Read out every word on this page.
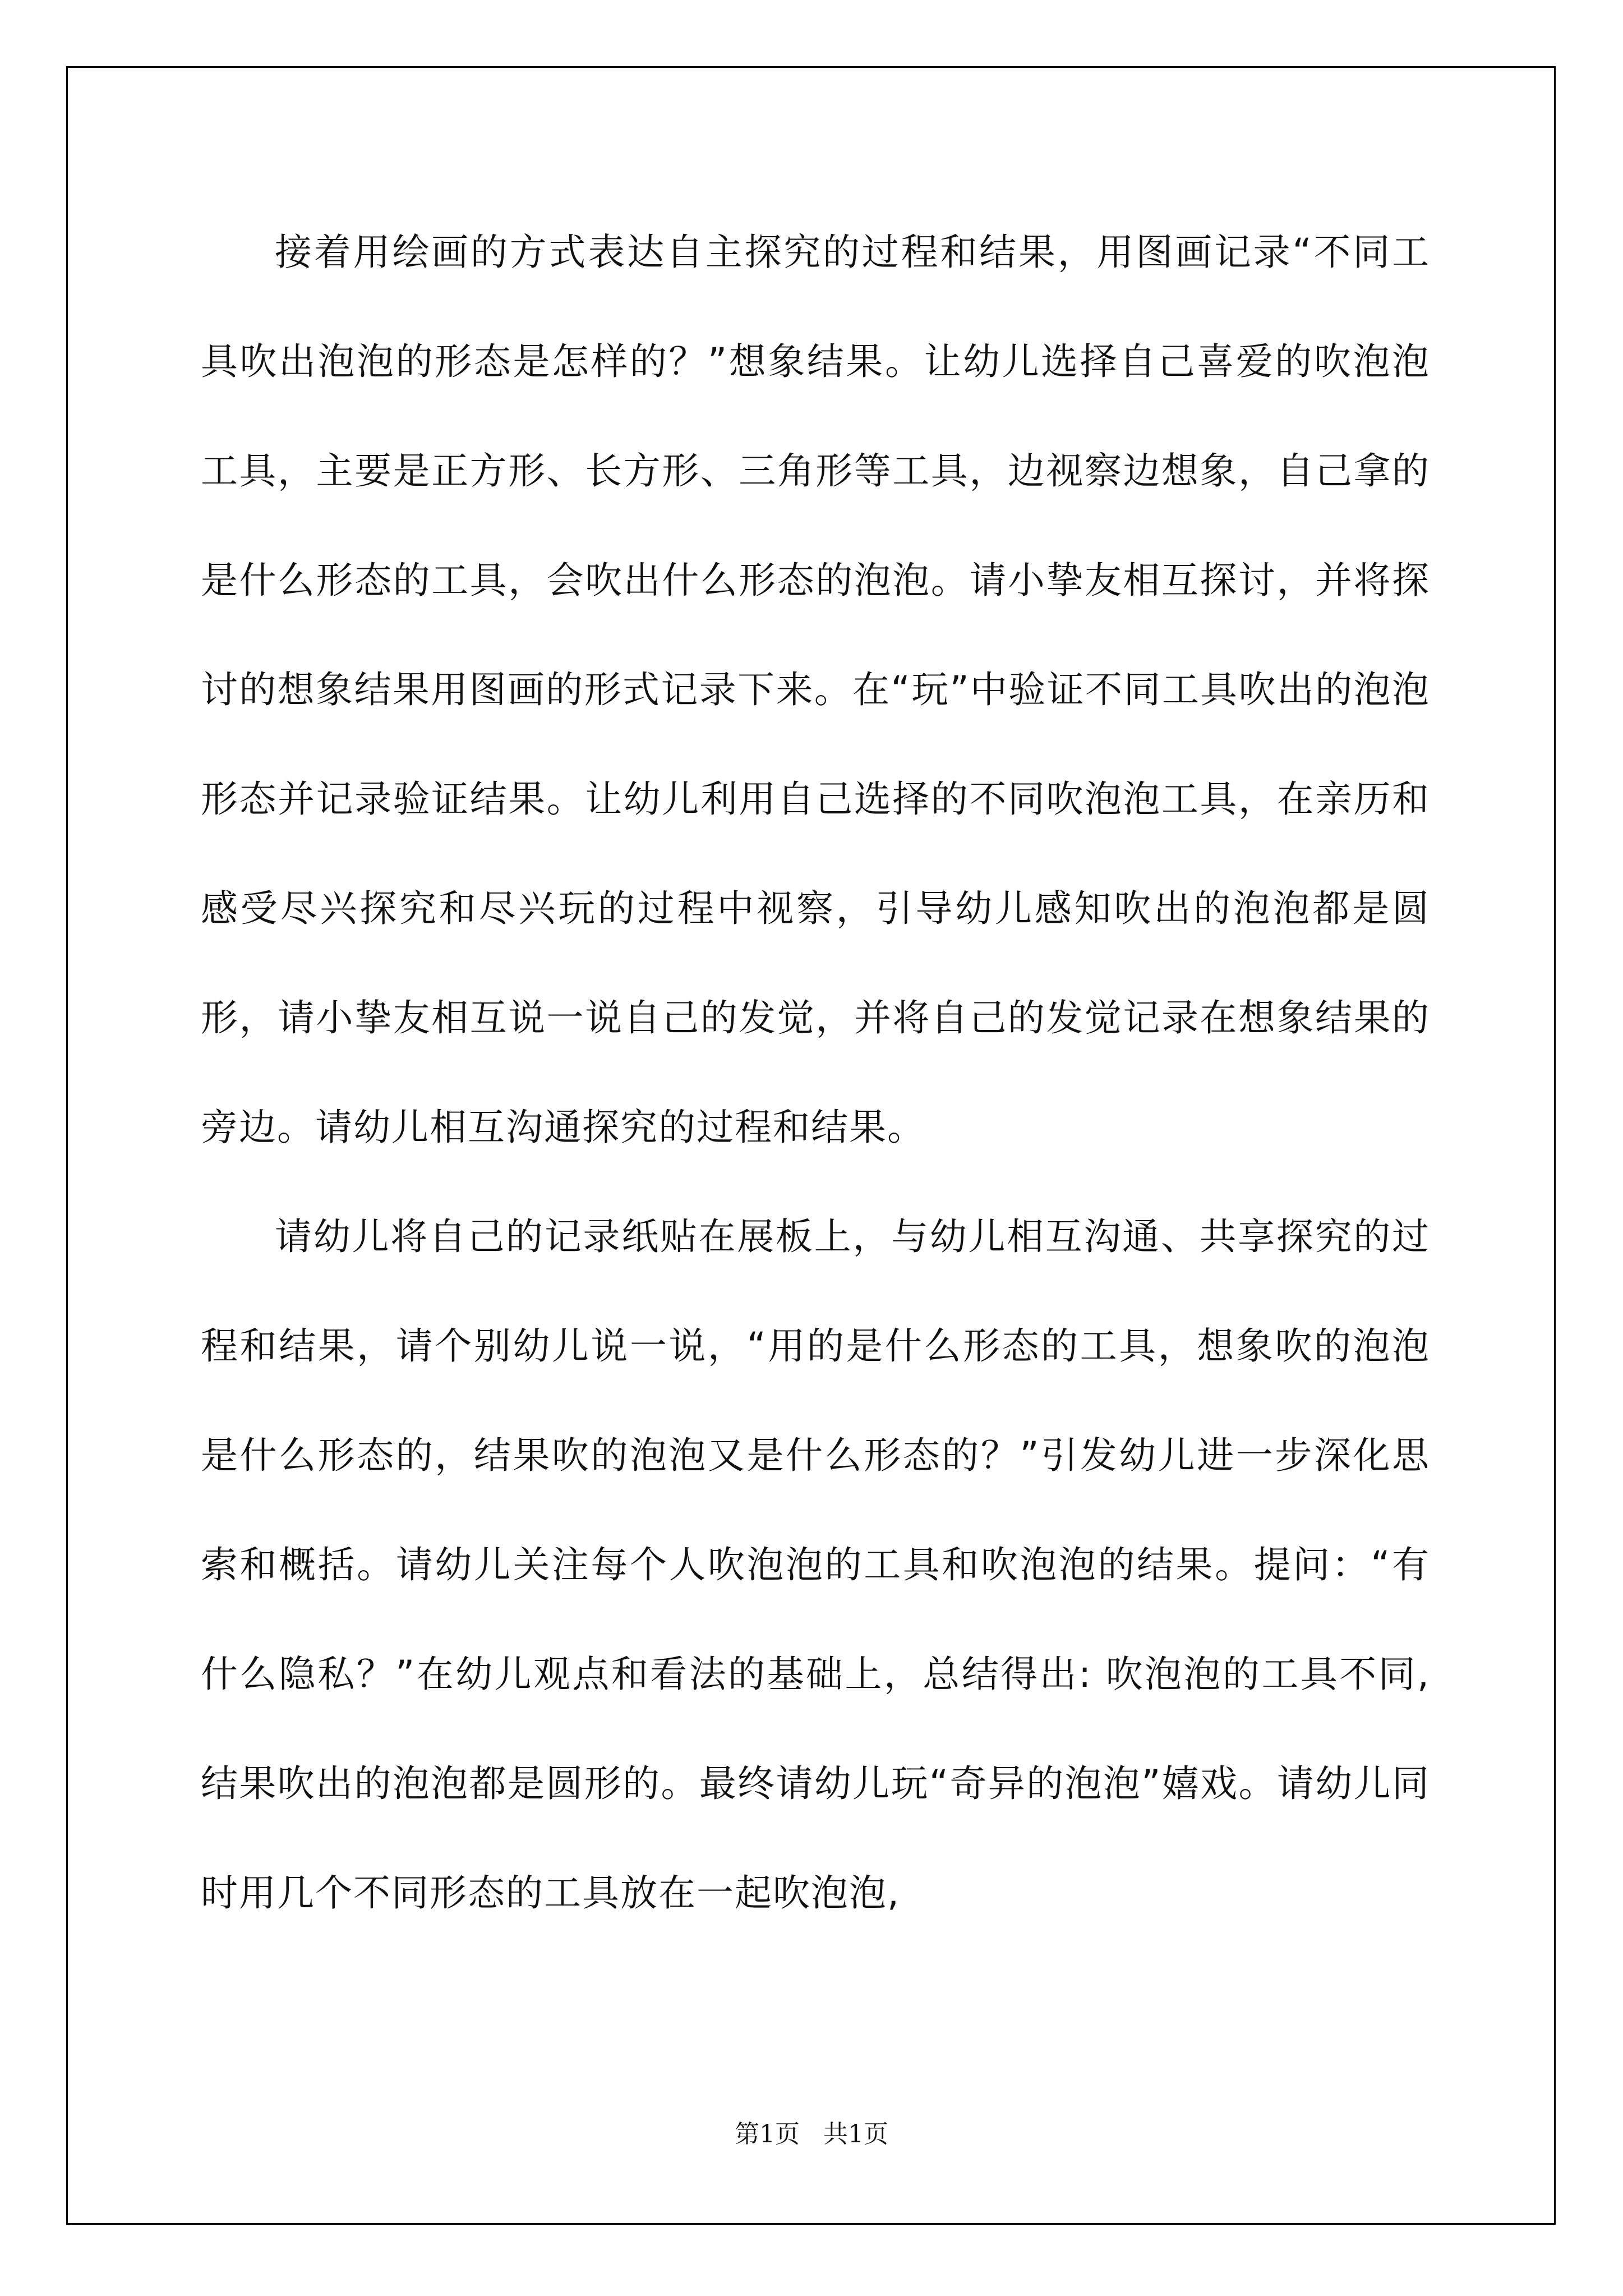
接着用绘画的方式表达自主探究的过程和结果，用图画记录“不同工具吹出泡泡的形态是怎样的？”想象结果。让幼儿选择自己喜爱的吹泡泡工具，主要是正方形、长方形、三角形等工具，边视察边想象，自己拿的是什么形态的工具，会吹出什么形态的泡泡。请小挚友相互探讨，并将探讨的想象结果用图画的形式记录下来。在“玩”中验证不同工具吹出的泡泡形态并记录验证结果。让幼儿利用自己选择的不同吹泡泡工具，在亲历和感受尽兴探究和尽兴玩的过程中视察，引导幼儿感知吹出的泡泡都是圆形，请小挚友相互说一说自己的发觉，并将自己的发觉记录在想象结果的旁边。请幼儿相互沟通探究的过程和结果。

请幼儿将自己的记录纸贴在展板上，与幼儿相互沟通、共享探究的过程和结果，请个别幼儿说一说，“用的是什么形态的工具，想象吹的泡泡是什么形态的，结果吹的泡泡又是什么形态的？”引发幼儿进一步深化思索和概括。请幼儿关注每个人吹泡泡的工具和吹泡泡的结果。提问：“有什么隐私？”在幼儿观点和看法的基础上，总结得出: 吹泡泡的工具不同,结果吹出的泡泡都是圆形的。最终请幼儿玩“奇异的泡泡”嬉戏。请幼儿同时用几个不同形态的工具放在一起吹泡泡,

第1页   共1页
